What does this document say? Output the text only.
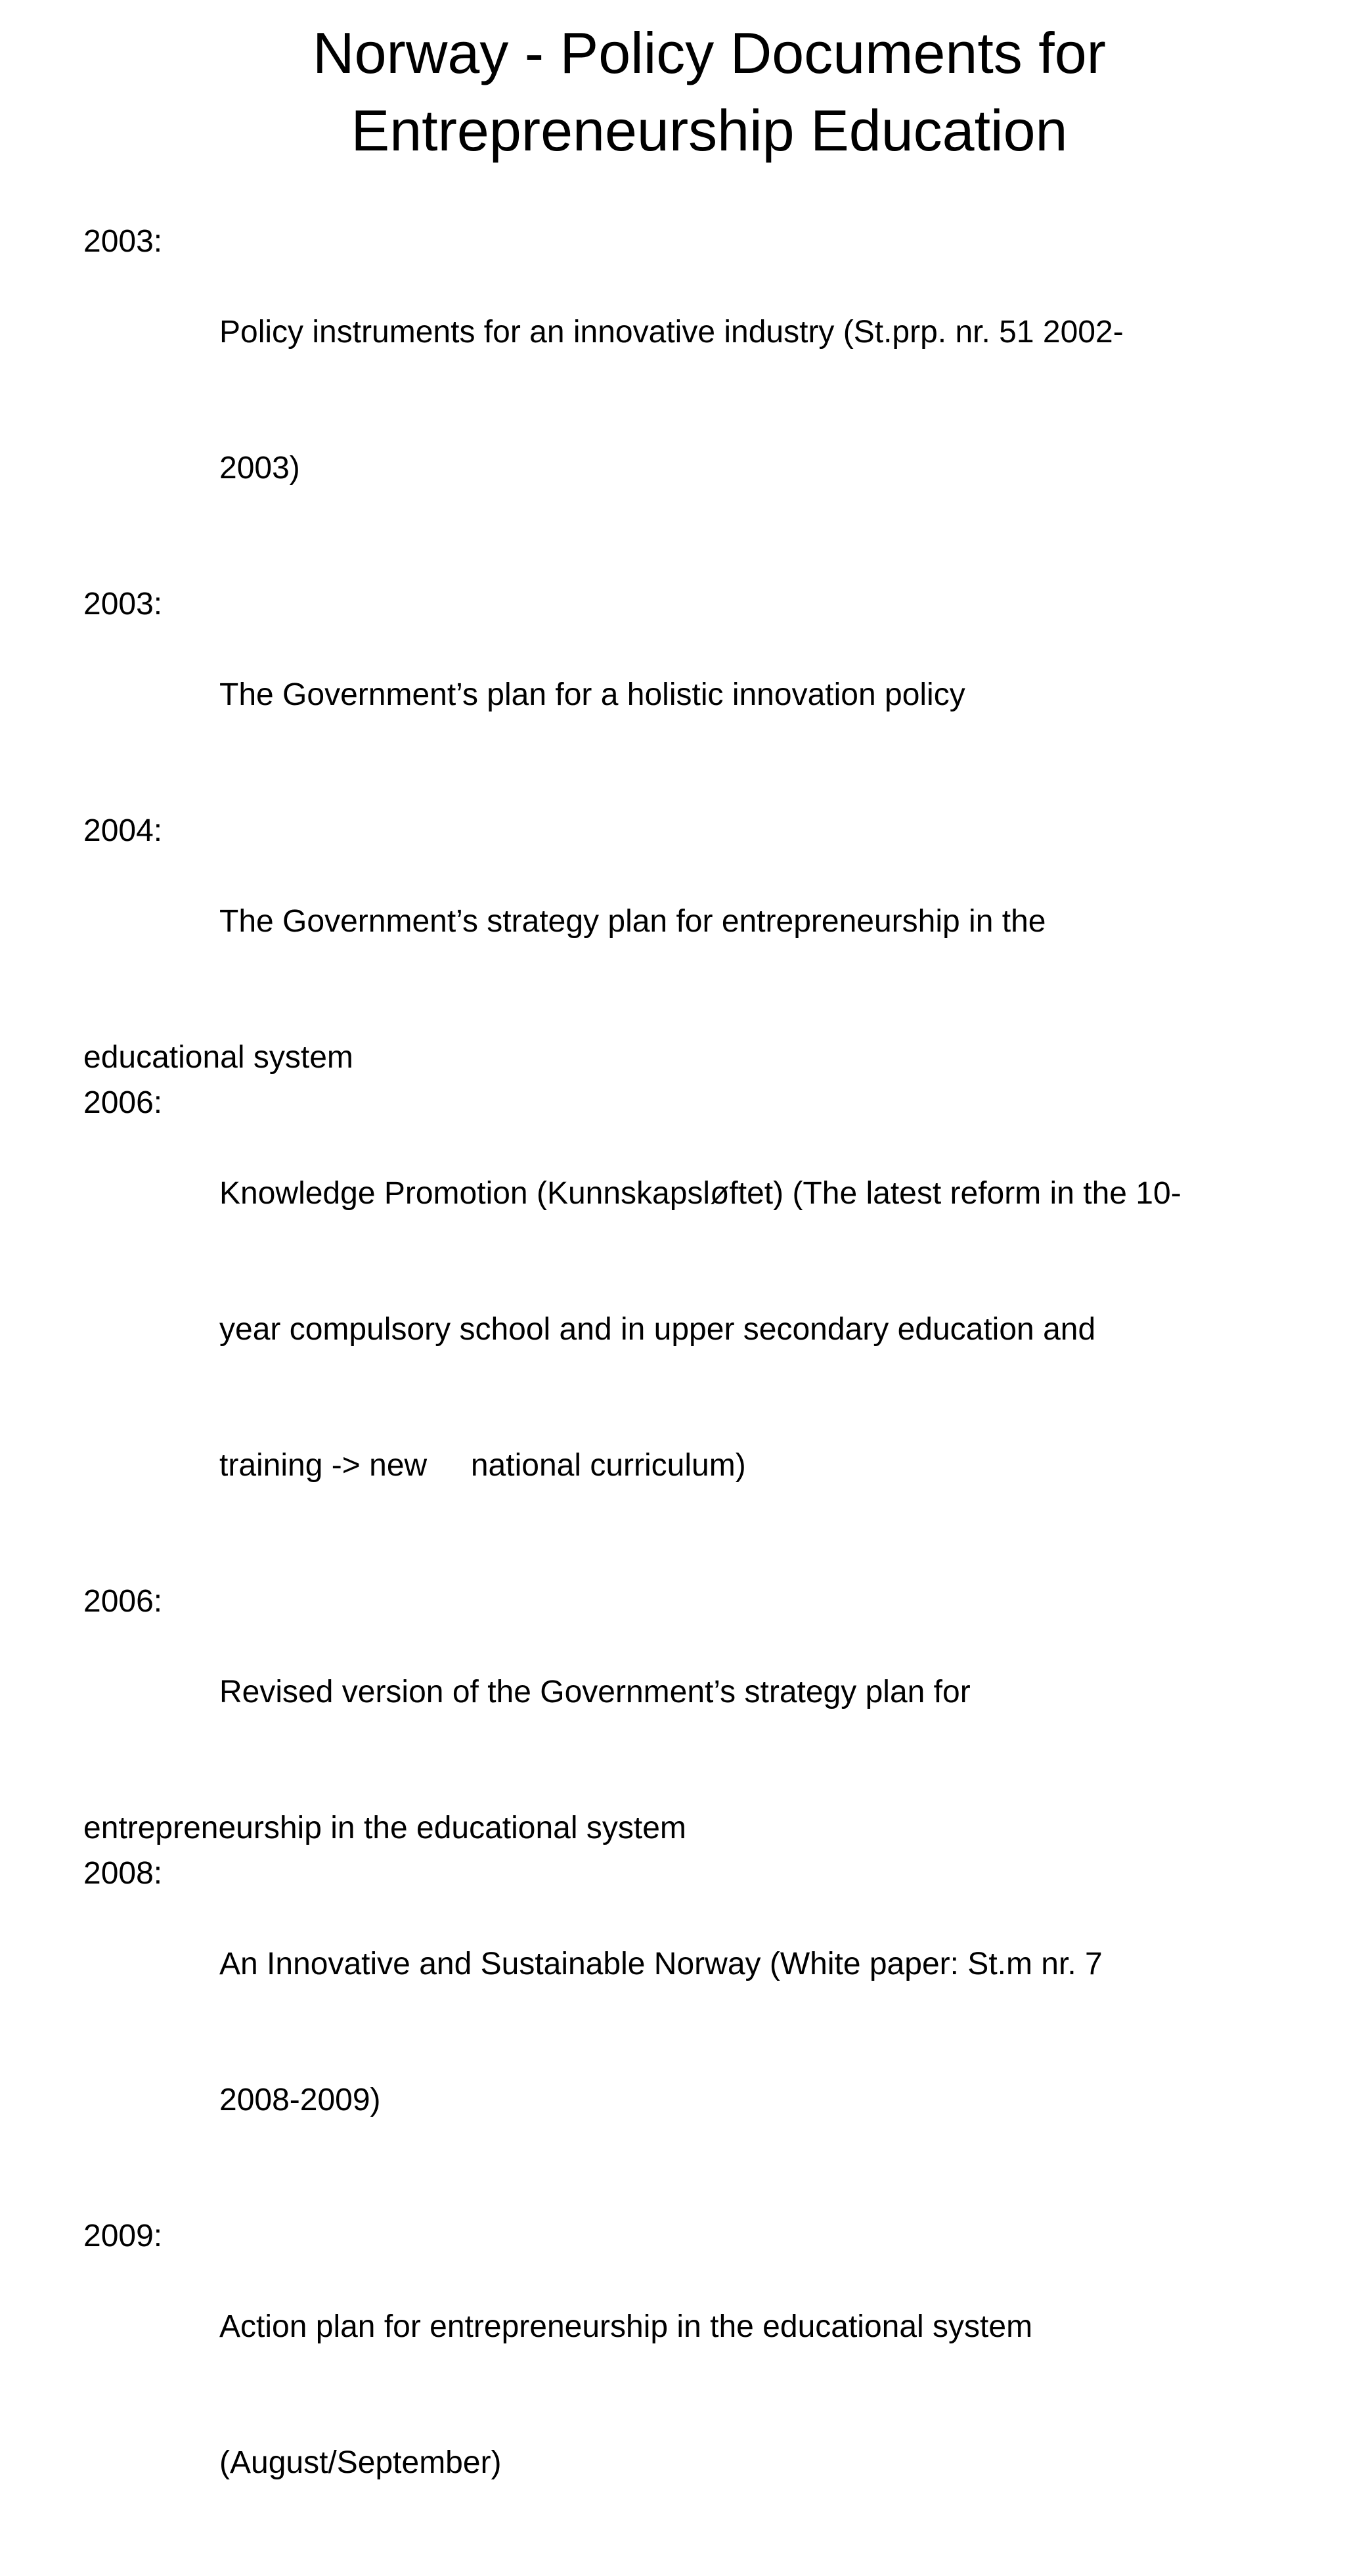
Norway - Policy Documents for
Entrepreneurship Education
2003:

Policy instruments for an innovative industry (St.prp. nr. 51 2002-

2003)

2003:

The Government’s plan for a holistic innovation policy

2004:

The Government’s strategy plan for entrepreneurship in the

educational system
2006:

Knowledge Promotion (Kunnskapsløftet) (The latest reform in the 10-

year compulsory school and in upper secondary education and

training -> new     national curriculum)

2006:

Revised version of the Government’s strategy plan for

entrepreneurship in the educational system
2008:

An Innovative and Sustainable Norway (White paper: St.m nr. 7

2008-2009)

2009:

Action plan for entrepreneurship in the educational system

(August/September)
